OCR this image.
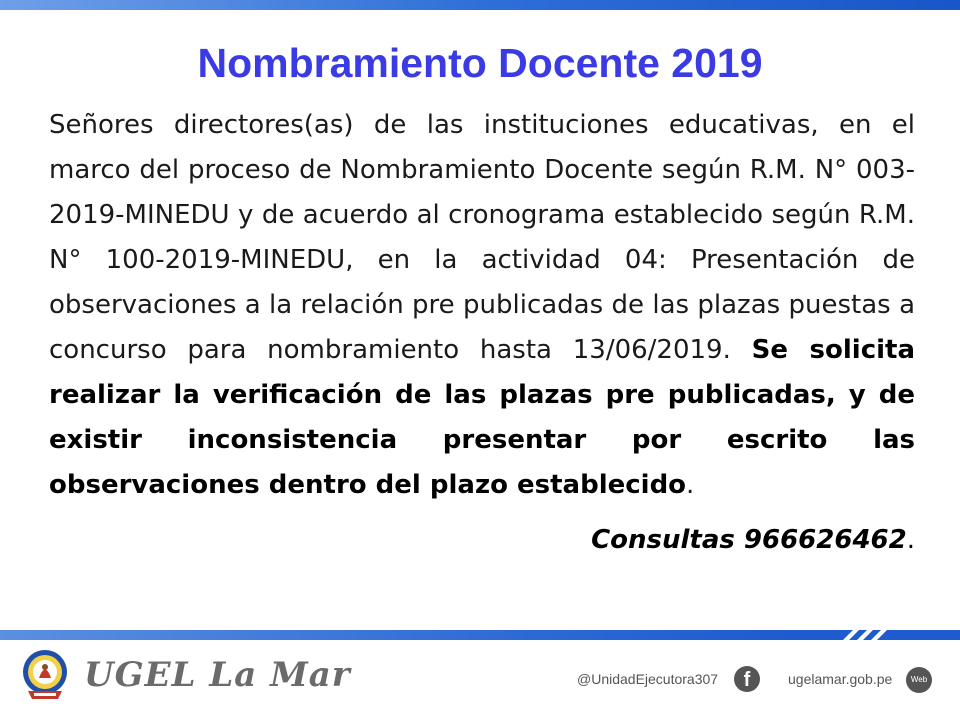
Nombramiento Docente 2019

Señores directores(as) de las instituciones educativas, en el marco del proceso de Nombramiento Docente según R.M. N° 003-2019-MINEDU y de acuerdo al cronograma establecido según R.M. N° 100-2019-MINEDU, en la actividad 04: Presentación de observaciones a la relación pre publicadas de las plazas puestas a concurso para nombramiento hasta 13/06/2019. Se solicita realizar la verificación de las plazas pre publicadas, y de existir inconsistencia presentar por escrito las observaciones dentro del plazo establecido.

Consultas 966626462.

UGEL La Mar	@UnidadEjecutora307	f	ugelamar.gob.pe	Web
